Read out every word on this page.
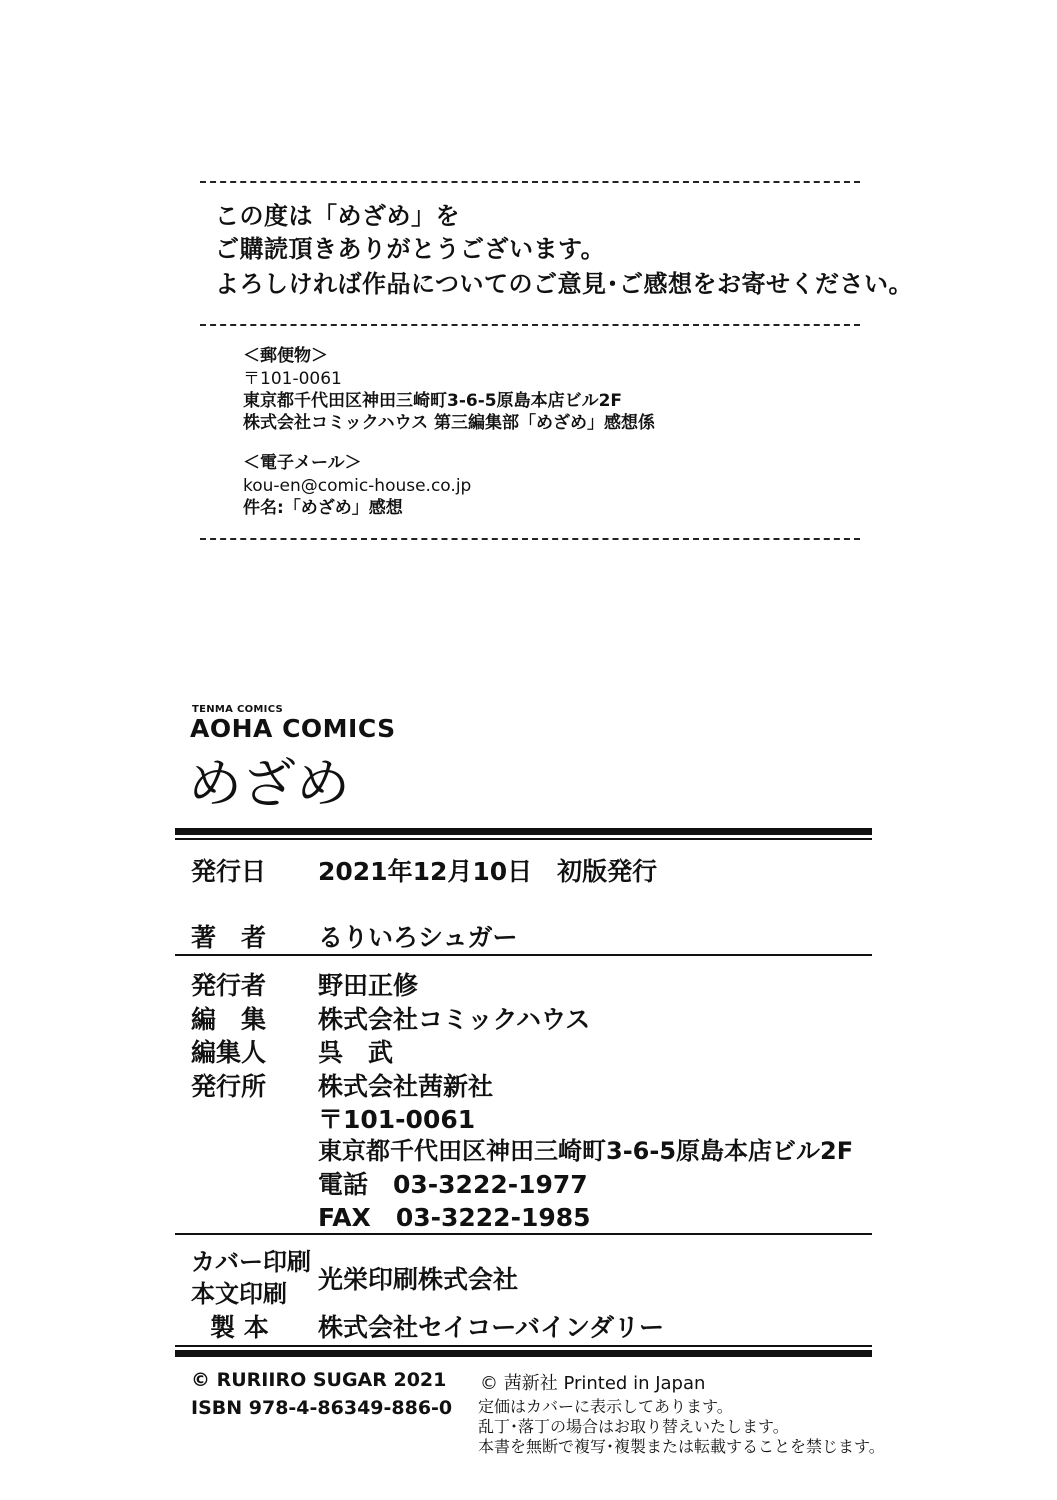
この度は「めざめ」を
ご購読頂きありがとうございます。
よろしければ作品についてのご意見･ご感想をお寄せください。
＜郵便物＞
〒101-0061
東京都千代田区神田三崎町3-6-5原島本店ビル2F
株式会社コミックハウス 第三編集部「めざめ」感想係
＜電子メール＞
kou-en@comic-house.co.jp
件名:「めざめ」感想
TENMA COMICS
AOHA COMICS
めざめ
発行日 2021年12月10日　初版発行
著　者 るりいろシュガー
発行者 野田正修
編　集 株式会社コミックハウス
編集人 呉　武
発行所 株式会社茜新社
〒101-0061
東京都千代田区神田三崎町3-6-5原島本店ビル2F
電話　03-3222-1977
FAX　03-3222-1985
カバー印刷
本文印刷 光栄印刷株式会社
製 本 株式会社セイコーバインダリー
© RURIIRO SUGAR 2021
ISBN 978-4-86349-886-0
© 茜新社 Printed in Japan
定価はカバーに表示してあります。
乱丁･落丁の場合はお取り替えいたします。
本書を無断で複写･複製または転載することを禁じます。
